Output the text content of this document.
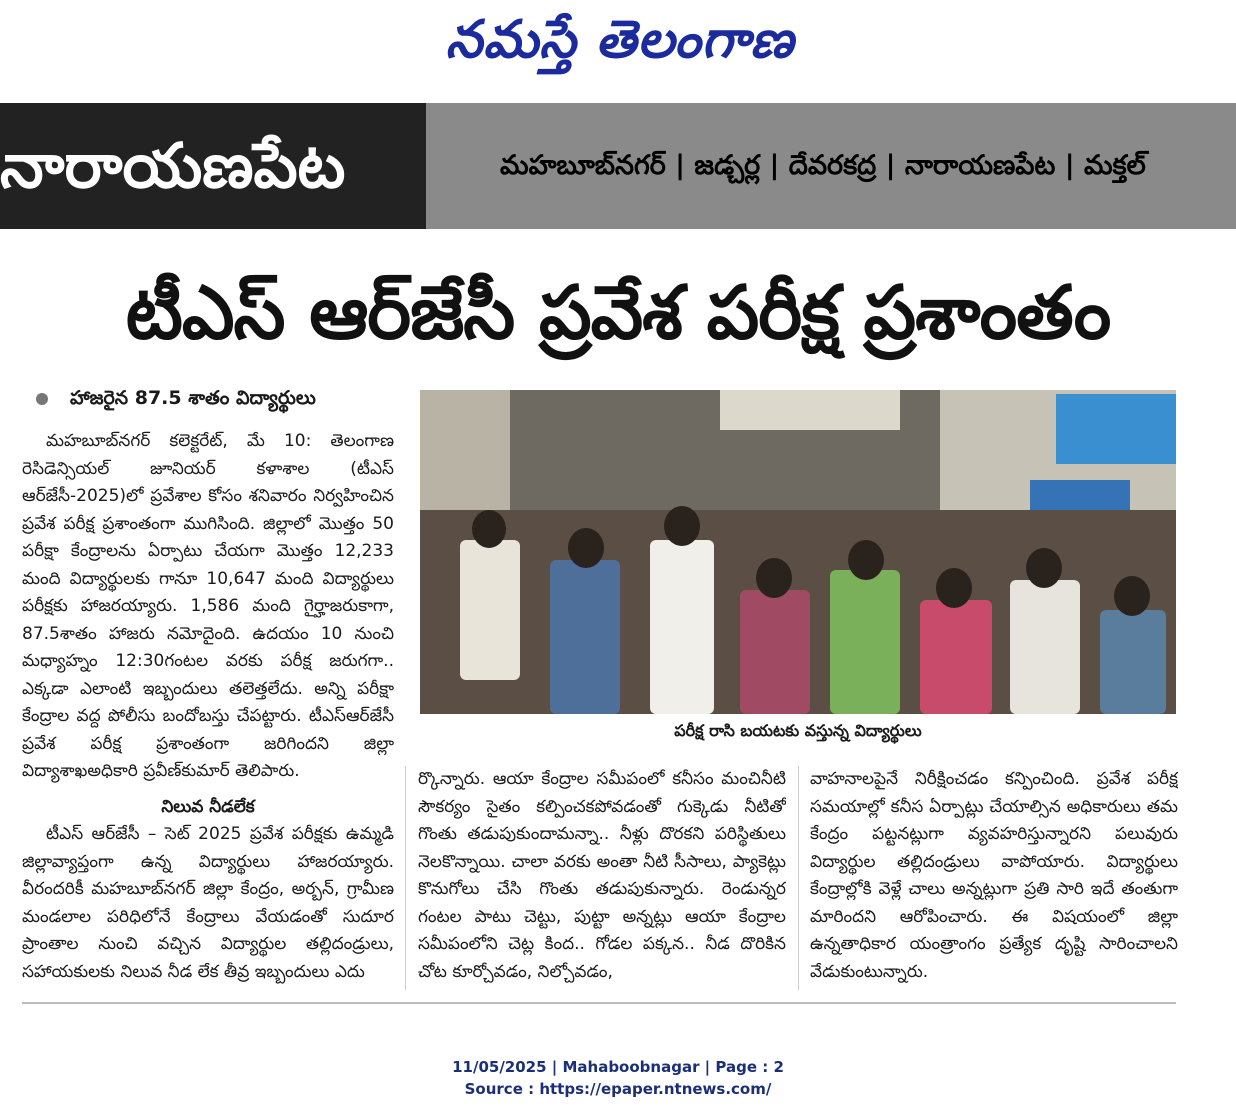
నమస్తే తెలంగాణ
నారాయణపేట	మహబూబ్‌నగర్ | జడ్చర్ల | దేవరకద్ర | నారాయణపేట | మక్తల్
టీఎస్ ఆర్‌జేసీ ప్రవేశ పరీక్ష ప్రశాంతం
హాజరైన 87.5 శాతం విద్యార్థులు

మహబూబ్‌నగర్ కలెక్టరేట్, మే 10: తెలంగాణ రెసిడెన్సియల్ జూనియర్ కళాశాల (టీఎస్ ఆర్‌జేసీ-2025)లో ప్రవేశాల కోసం శనివారం నిర్వహించిన ప్రవేశ పరీక్ష ప్రశాంతంగా ముగిసింది. జిల్లాలో మొత్తం 50 పరీక్షా కేంద్రాలను ఏర్పాటు చేయగా మొత్తం 12,233 మంది విద్యార్థులకు గానూ 10,647 మంది విద్యార్థులు పరీక్షకు హాజరయ్యారు. 1,586 మంది గైర్హాజరుకాగా, 87.5శాతం హాజరు నమోదైంది. ఉదయం 10 నుంచి మధ్యాహ్నం 12:30గంటల వరకు పరీక్ష జరుగగా.. ఎక్కడా ఎలాంటి ఇబ్బందులు తలెత్తలేదు. అన్ని పరీక్షా కేంద్రాల వద్ద పోలీసు బందోబస్తు చేపట్టారు. టీఎస్ఆర్‌జేసీ ప్రవేశ పరీక్ష ప్రశాంతంగా జరిగిందని జిల్లా విద్యాశాఖఅధికారి ప్రవీణ్‌కుమార్ తెలిపారు.

నిలువ నీడలేక

టీఎస్ ఆర్‌జేసీ – సెట్ 2025 ప్రవేశ పరీక్షకు ఉమ్మడి జిల్లావ్యాప్తంగా ఉన్న విద్యార్థులు హాజరయ్యారు. వీరందరికీ మహబూబ్‌నగర్ జిల్లా కేంద్రం, అర్బన్, గ్రామీణ మండలాల పరిధిలోనే కేంద్రాలు వేయడంతో సుదూర ప్రాంతాల నుంచి వచ్చిన విద్యార్థుల తల్లిదండ్రులు, సహాయకులకు నిలువ నీడ లేక తీవ్ర ఇబ్బందులు ఎదు

పరీక్ష రాసి బయటకు వస్తున్న విద్యార్థులు

ర్కొన్నారు. ఆయా కేంద్రాల సమీపంలో కనీసం మంచినీటి సౌకర్యం సైతం కల్పించకపోవడంతో గుక్కెడు నీటితో గొంతు తడుపుకుందామన్నా.. నీళ్లు దొరకని పరిస్థితులు నెలకొన్నాయి. చాలా వరకు అంతా నీటి సీసాలు, ప్యాకెట్లు కొనుగోలు చేసి గొంతు తడుపుకున్నారు. రెండున్నర గంటల పాటు చెట్టు, పుట్టా అన్నట్లు ఆయా కేంద్రాల సమీపంలోని చెట్ల కింద.. గోడల పక్కన.. నీడ దొరికిన చోట కూర్చోవడం, నిల్చోవడం,

వాహనాలపైనే నిరీక్షించడం కన్పించింది. ప్రవేశ పరీక్ష సమయాల్లో కనీస ఏర్పాట్లు చేయాల్సిన అధికారులు తమ కేంద్రం పట్టనట్లుగా వ్యవహరిస్తున్నారని పలువురు విద్యార్థుల తల్లిదండ్రులు వాపోయారు. విద్యార్థులు కేంద్రాల్లోకి వెళ్లే చాలు అన్నట్లుగా ప్రతి సారి ఇదే తంతుగా మారిందని ఆరోపించారు. ఈ విషయంలో జిల్లా ఉన్నతాధికార యంత్రాంగం ప్రత్యేక దృష్టి సారించాలని వేడుకుంటున్నారు.

11/05/2025 | Mahaboobnagar | Page : 2
Source : https://epaper.ntnews.com/
